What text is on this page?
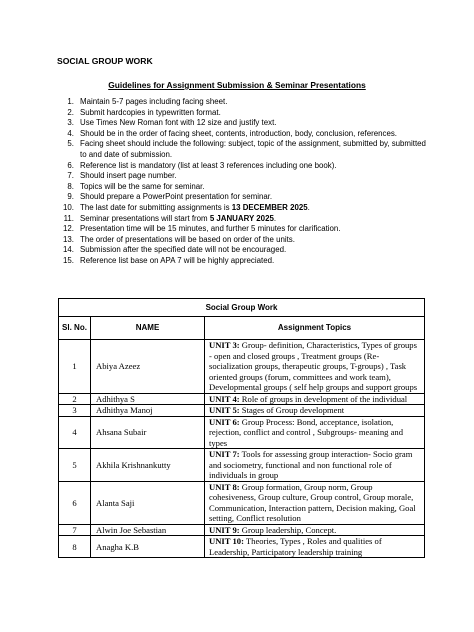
SOCIAL GROUP WORK
Guidelines for Assignment Submission & Seminar Presentations
1. Maintain 5-7 pages including facing sheet.
2. Submit hardcopies in typewritten format.
3. Use Times New Roman font with 12 size and justify text.
4. Should be in the order of facing sheet, contents, introduction, body, conclusion, references.
5. Facing sheet should include the following: subject, topic of the assignment, submitted by, submitted to and date of submission.
6. Reference list is mandatory (list at least 3 references including one book).
7. Should insert page number.
8. Topics will be the same for seminar.
9. Should prepare a PowerPoint presentation for seminar.
10. The last date for submitting assignments is 13 DECEMBER 2025.
11. Seminar presentations will start from 5 JANUARY 2025.
12. Presentation time will be 15 minutes, and further 5 minutes for clarification.
13. The order of presentations will be based on order of the units.
14. Submission after the specified date will not be encouraged.
15. Reference list base on APA 7 will be highly appreciated.
Social Group Work		
Sl. No.	NAME	Assignment Topics
1	Abiya Azeez	UNIT 3: Group- definition, Characteristics, Types of groups - open and closed groups , Treatment groups (Re-socialization groups, therapeutic groups, T-groups) , Task oriented groups (forum, committees and work team), Developmental groups ( self help groups and support groups
2	Adhithya S	UNIT 4: Role of groups in development of the individual
3	Adhithya Manoj	UNIT 5: Stages of Group development
4	Ahsana Subair	UNIT 6: Group Process: Bond, acceptance, isolation, rejection, conflict and control , Subgroups- meaning and types
5	Akhila Krishnankutty	UNIT 7: Tools for assessing group interaction- Socio gram and sociometry, functional and non functional role of individuals in group
6	Alanta Saji	UNIT 8: Group formation, Group norm, Group cohesiveness, Group culture, Group control, Group morale, Communication, Interaction pattern, Decision making, Goal setting, Conflict resolution
7	Alwin Joe Sebastian	UNIT 9: Group leadership, Concept.
8	Anagha K.B	UNIT 10: Theories, Types , Roles and qualities of Leadership, Participatory leadership training
